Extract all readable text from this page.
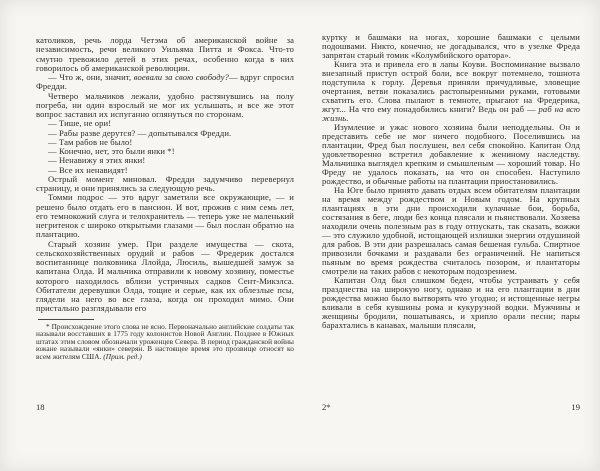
католиков, речь лорда Четэма об американской войне за независимость, речи великого Уильяма Питта и Фокса. Что-то смутно тревожило детей в этих речах, особенно когда в них говорилось об американской революции.

— Что ж, они, значит, воевали за свою свободу?— вдруг спросил Фредди.

Четверо мальчиков лежали, удобно растянувшись на полу погреба, ни один взрослый не мог их услышать, и все же этот вопрос заставил их испуганно оглянуться по сторонам.

— Тише, не ори!

— Рабы разве дерутся? — допытывался Фредди.

— Там рабов не было!

— Конечно, нет, это были янки *!

— Ненавижу я этих янки!

— Все их ненавидят!

Острый момент миновал. Фредди задумчиво перевернул страницу, и они принялись за следующую речь.

Томми подрос — это вдруг заметили все окружающие, — и решено было отдать его в пансион. И вот, прожив с ним семь лет, его темнокожий слуга и телохранитель — теперь уже не маленький негритенок с широко открытыми глазами — был послан обратно на плантацию.

Старый хозяин умер. При разделе имущества — скота, сельскохозяйственных орудий и рабов — Фредерик достался воспитаннице полковника Ллойда, Люсиль, вышедшей замуж за капитана Олда. И мальчика отправили к новому хозяину, поместье которого находилось вблизи устричных садков Сент-Микэлса. Обитатели деревушки Олда, тощие и серые, как их облезлые псы, глядели на него во все глаза, когда он проходил мимо. Они пристально разглядывали его

* Происхождение этого слова не ясно. Первоначально английские солдаты так называли восставших в 1775 году колонистов Новой Англии. Позднее в Южных штатах этим словом обозначали уроженцев Севера. В период гражданской войны южане называли «янки» северян. В настоящее время это прозвище относят ко всем жителям США. (Прим. ред.)

18

куртку и башмаки на ногах, хорошие башмаки с целыми подошвами. Никто, конечно, не догадывался, что в узелке Фреда запрятан старый томик «Колумбийского оратора».

Книга эта и привела его в лапы Коуви. Воспоминание вызвало внезапный приступ острой боли, все вокруг потемнело, тошнота подступила к горлу. Деревья приняли причудливые, зловещие очертания, ветви показались растопыренными руками, готовыми схватить его. Слова пылают в темноте, прыгают на Фредерика, жгут... На что ему понадобились книги? Ведь он раб — раб на всю жизнь.

Изумление и ужас нового хозяина были неподдельны. Он и представить себе не мог ничего подобного. Поселившись на плантации, Фред был послушен, вел себя спокойно. Капитан Олд удовлетворенно встретил добавление к жениному наследству. Мальчишка выглядел крепким и смышленым — хороший товар. Но Фреду не удалось показать, на что он способен. Наступило рождество, и обычные работы на плантации приостановились.

На Юге было принято давать отдых всем обитателям плантации на время между рождеством и Новым годом. На крупных плантациях в эти дни происходили кулачные бои, борьба, состязания в беге, люди без конца плясали и пьянствовали. Хозяева находили очень полезным раз в году отпускать, так сказать, вожжи — это служило удобной, истощающей излишки энергии отдушиной для рабов. В эти дни разрешалась самая бешеная гульба. Спиртное привозили бочками и раздавали без ограничений. Не напиться пьяным во время рождества считалось позором, и плантаторы смотрели на таких рабов с некоторым подозрением.

Капитан Олд был слишком беден, чтобы устраивать у себя празднества на широкую ногу, однако и на его плантации в дни рождества можно было вытворять что угодно; и истощенные негры вливали в себя кувшины рома и кукурузной водки. Мужчины и женщины бродили, пошатываясь, и хрипло орали песни; пары барахтались в канавах, малыши плясали,

2*	19
